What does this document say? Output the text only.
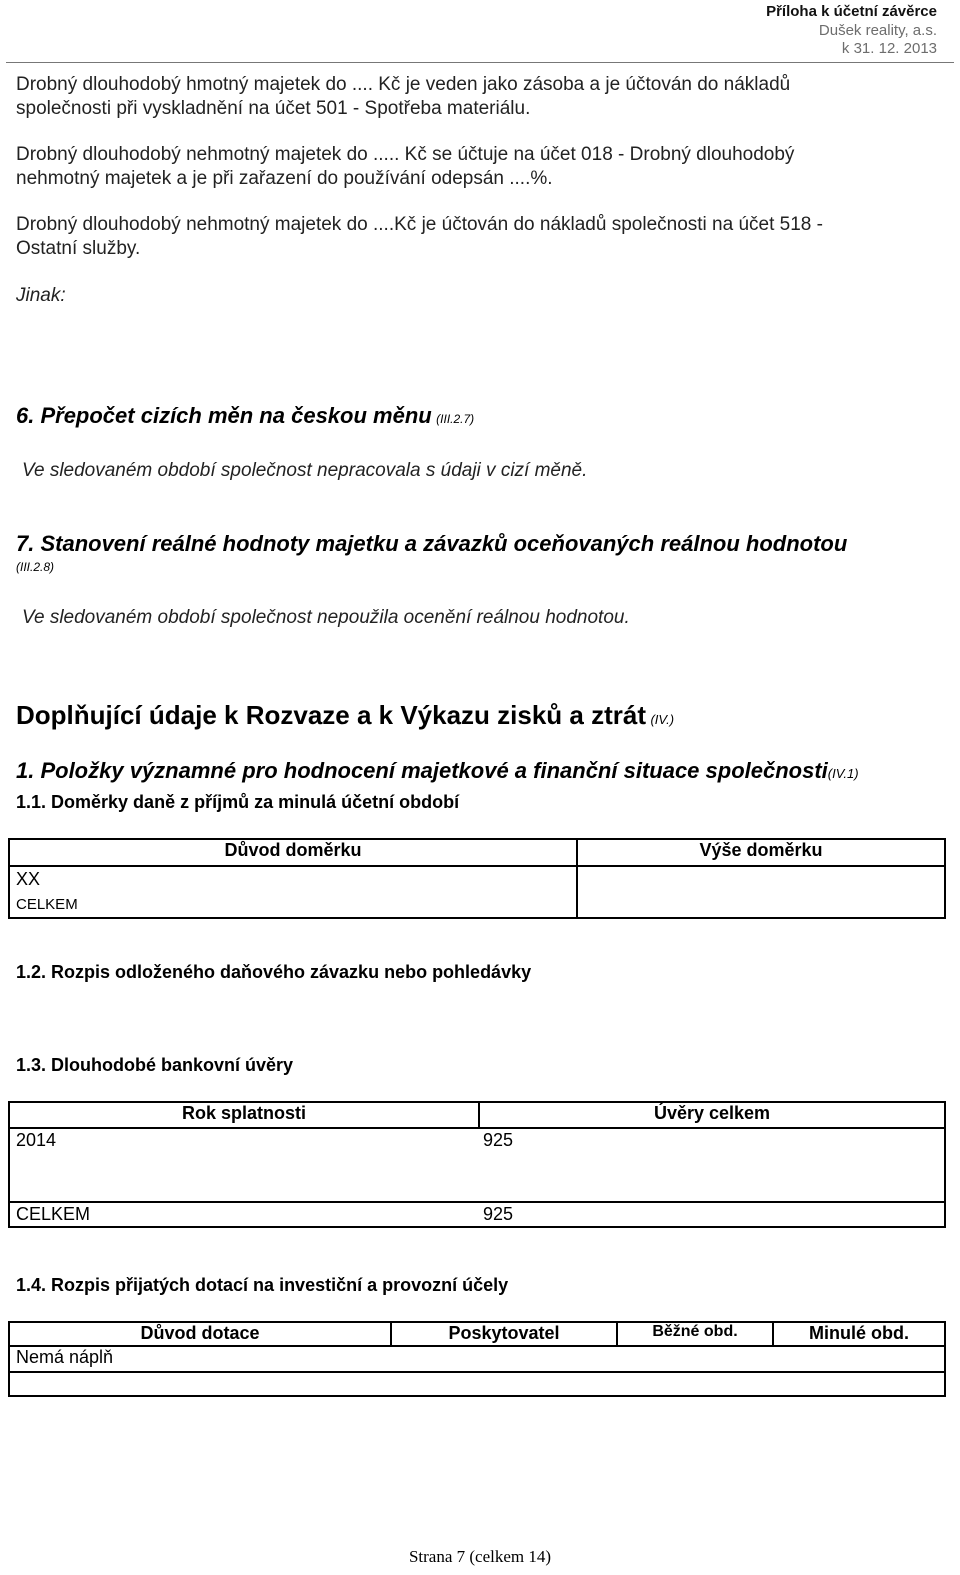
Příloha k účetní závěrce
Dušek reality, a.s.
k 31. 12. 2013
Drobný dlouhodobý hmotný majetek do .... Kč je veden jako zásoba a je účtován do nákladů
společnosti při vyskladnění na účet 501 - Spotřeba materiálu.
Drobný dlouhodobý nehmotný majetek do ..... Kč se účtuje na účet 018 - Drobný dlouhodobý
nehmotný majetek a je při zařazení do používání odepsán ....%.
Drobný dlouhodobý nehmotný majetek do ....Kč je účtován do nákladů společnosti na účet 518 -
Ostatní služby.
Jinak:
6. Přepočet cizích měn na českou měnu (III.2.7)
Ve sledovaném období společnost nepracovala s údaji v cizí měně.
7. Stanovení reálné hodnoty majetku a závazků oceňovaných reálnou hodnotou
(III.2.8)
Ve sledovaném období společnost nepoužila ocenění reálnou hodnotou.
Doplňující údaje k Rozvaze a k Výkazu zisků a ztrát (IV.)
1. Položky významné pro hodnocení majetkové a finanční situace společnosti(IV.1)
1.1. Doměrky daně z příjmů za minulá účetní období
Důvod doměrku	Výše doměrku

XX
CELKEM	

1.2. Rozpis odloženého daňového závazku nebo pohledávky
1.3. Dlouhodobé bankovní úvěry
Rok splatnosti	Úvěry celkem

2014	925

CELKEM	925
1.4. Rozpis přijatých dotací na investiční a provozní účely
Důvod dotace	Poskytovatel	Běžné obd.	Minulé obd.
Nemá náplň			

Strana 7 (celkem 14)
